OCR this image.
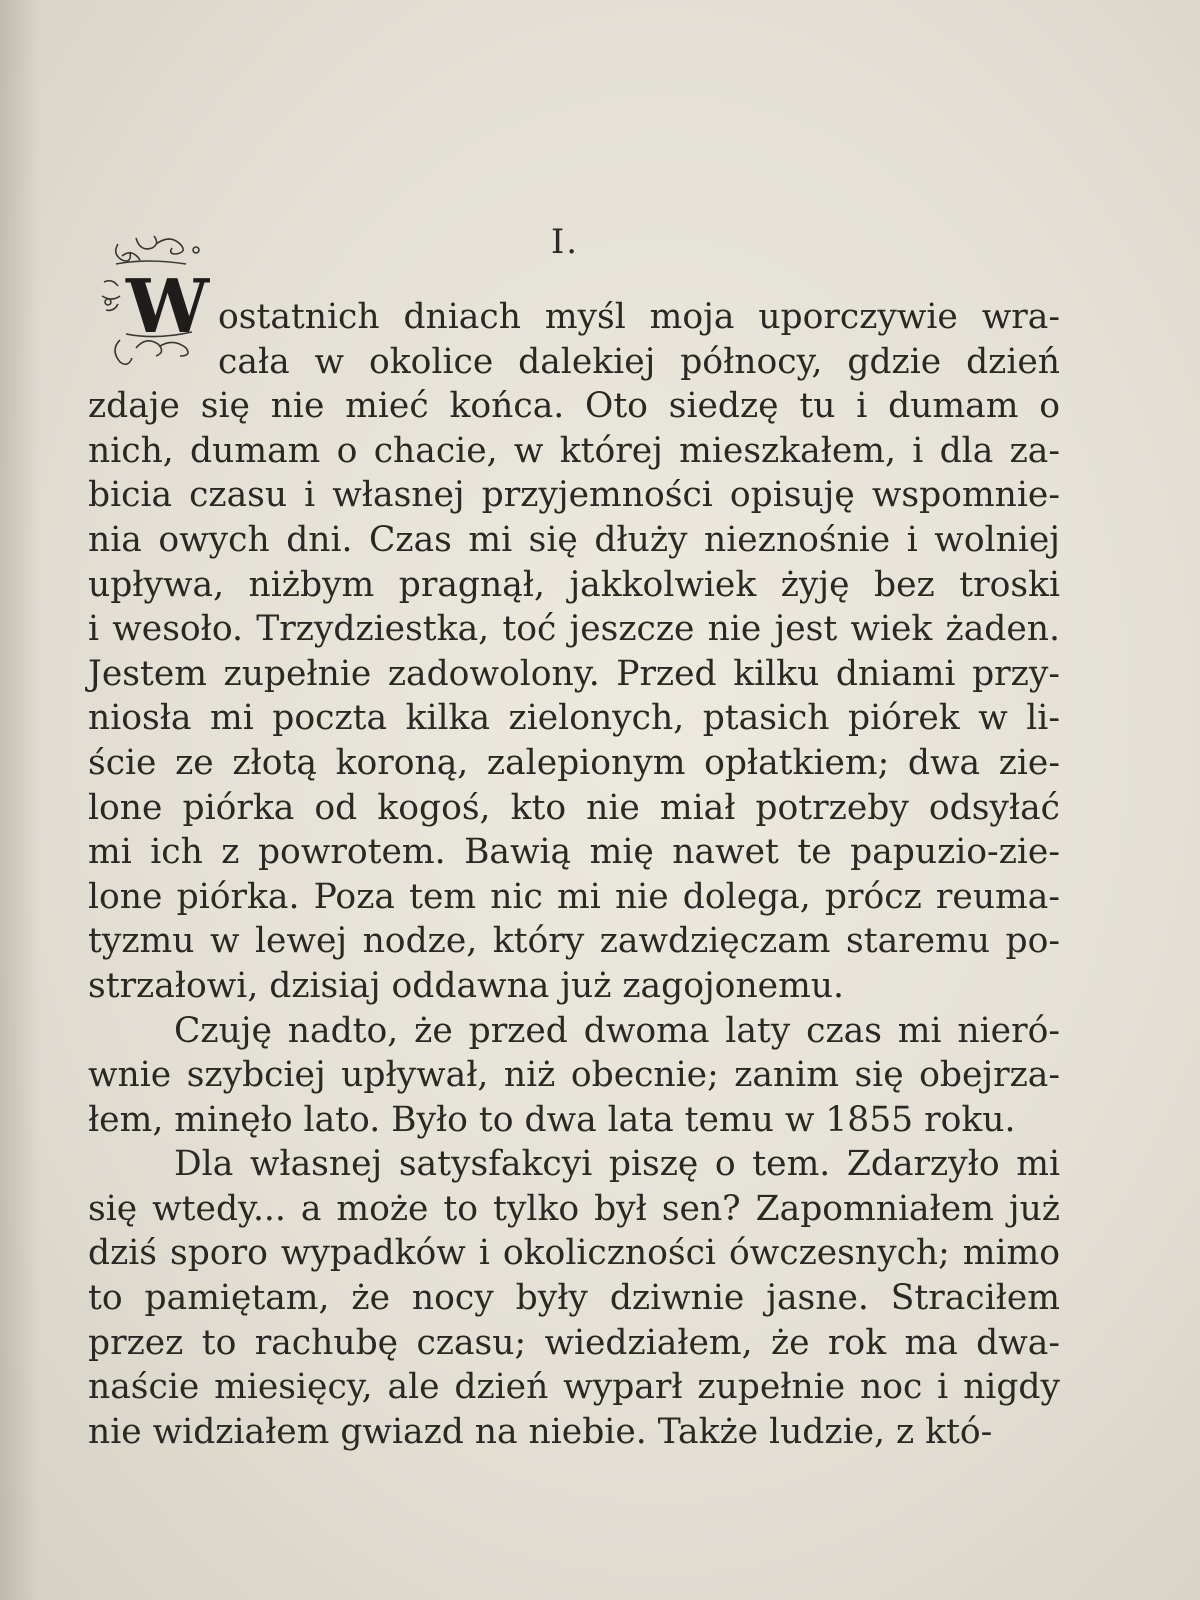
I.
W ostatnich dniach myśl moja uporczywie wra-
cała w okolice dalekiej północy, gdzie dzień
zdaje się nie mieć końca. Oto siedzę tu i dumam o
nich, dumam o chacie, w której mieszkałem, i dla za-
bicia czasu i własnej przyjemności opisuję wspomnie-
nia owych dni. Czas mi się dłuży nieznośnie i wolniej
upływa, niżbym pragnął, jakkolwiek żyję bez troski
i wesoło. Trzydziestka, toć jeszcze nie jest wiek żaden.
Jestem zupełnie zadowolony. Przed kilku dniami przy-
niosła mi poczta kilka zielonych, ptasich piórek w li-
ście ze złotą koroną, zalepionym opłatkiem; dwa zie-
lone piórka od kogoś, kto nie miał potrzeby odsyłać
mi ich z powrotem. Bawią mię nawet te papuzio-zie-
lone piórka. Poza tem nic mi nie dolega, prócz reuma-
tyzmu w lewej nodze, który zawdzięczam staremu po-
strzałowi, dzisiaj oddawna już zagojonemu.
Czuję nadto, że przed dwoma laty czas mi nieró-
wnie szybciej upływał, niż obecnie; zanim się obejrza-
łem, minęło lato. Było to dwa lata temu w 1855 roku.
Dla własnej satysfakcyi piszę o tem. Zdarzyło mi
się wtedy... a może to tylko był sen? Zapomniałem już
dziś sporo wypadków i okoliczności ówczesnych; mimo
to pamiętam, że nocy były dziwnie jasne. Straciłem
przez to rachubę czasu; wiedziałem, że rok ma dwa-
naście miesięcy, ale dzień wyparł zupełnie noc i nigdy
nie widziałem gwiazd na niebie. Także ludzie, z któ-
